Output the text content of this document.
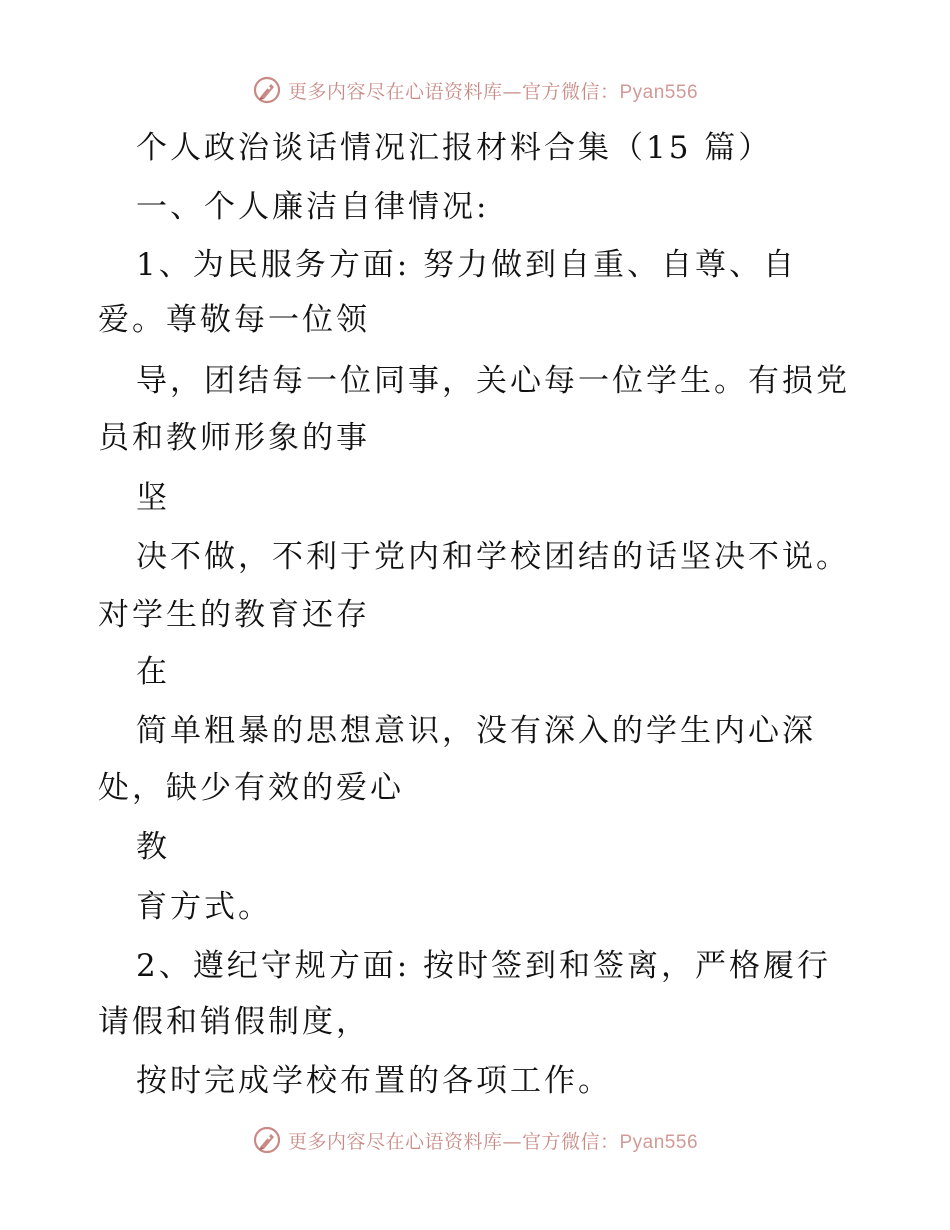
更多内容尽在心语资料库—官方微信：Pyan556
个人政治谈话情况汇报材料合集（15 篇）
一、个人廉洁自律情况:
1、为民服务方面: 努力做到自重、自尊、自
爱。尊敬每一位领
导，团结每一位同事，关心每一位学生。有损党
员和教师形象的事
坚
决不做，不利于党内和学校团结的话坚决不说。
对学生的教育还存
在
简单粗暴的思想意识，没有深入的学生内心深
处，缺少有效的爱心
教
育方式。
2、遵纪守规方面: 按时签到和签离，严格履行
请假和销假制度，
按时完成学校布置的各项工作。
更多内容尽在心语资料库—官方微信：Pyan556
